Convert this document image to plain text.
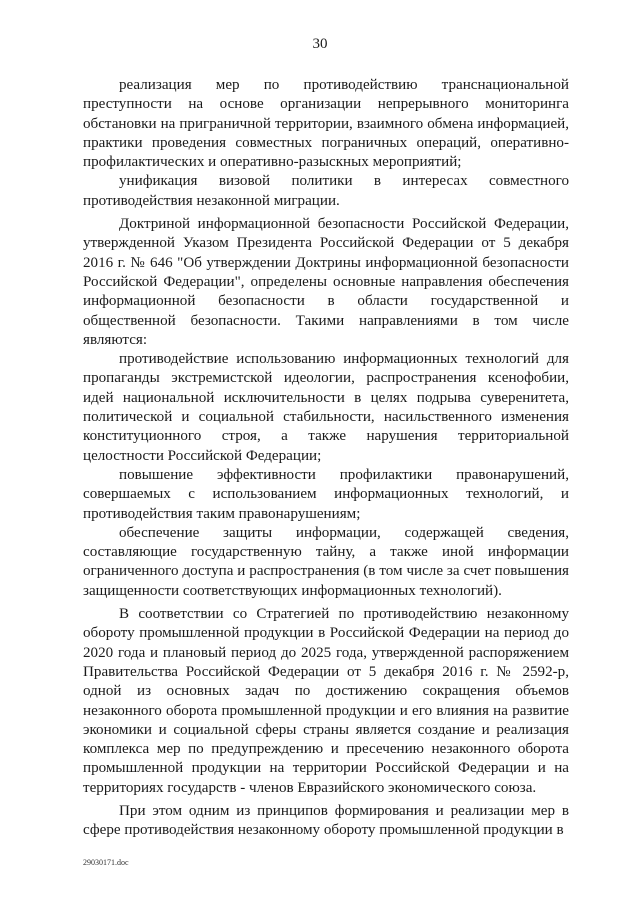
30

реализация мер по противодействию транснациональной преступности на основе организации непрерывного мониторинга обстановки на приграничной территории, взаимного обмена информацией, практики проведения совместных пограничных операций, оперативно-профилактических и оперативно-разыскных мероприятий;

унификация визовой политики в интересах совместного противодействия незаконной миграции.

Доктриной информационной безопасности Российской Федерации, утвержденной Указом Президента Российской Федерации от 5 декабря 2016 г. № 646 "Об утверждении Доктрины информационной безопасности Российской Федерации", определены основные направления обеспечения информационной безопасности в области государственной и общественной безопасности. Такими направлениями в том числе являются:

противодействие использованию информационных технологий для пропаганды экстремистской идеологии, распространения ксенофобии, идей национальной исключительности в целях подрыва суверенитета, политической и социальной стабильности, насильственного изменения конституционного строя, а также нарушения территориальной целостности Российской Федерации;

повышение эффективности профилактики правонарушений, совершаемых с использованием информационных технологий, и противодействия таким правонарушениям;

обеспечение защиты информации, содержащей сведения, составляющие государственную тайну, а также иной информации ограниченного доступа и распространения (в том числе за счет повышения защищенности соответствующих информационных технологий).

В соответствии со Стратегией по противодействию незаконному обороту промышленной продукции в Российской Федерации на период до 2020 года и плановый период до 2025 года, утвержденной распоряжением Правительства Российской Федерации от 5 декабря 2016 г. № 2592-р, одной из основных задач по достижению сокращения объемов незаконного оборота промышленной продукции и его влияния на развитие экономики и социальной сферы страны является создание и реализация комплекса мер по предупреждению и пресечению незаконного оборота промышленной продукции на территории Российской Федерации и на территориях государств - членов Евразийского экономического союза.

При этом одним из принципов формирования и реализации мер в сфере противодействия незаконному обороту промышленной продукции в

29030171.doc
